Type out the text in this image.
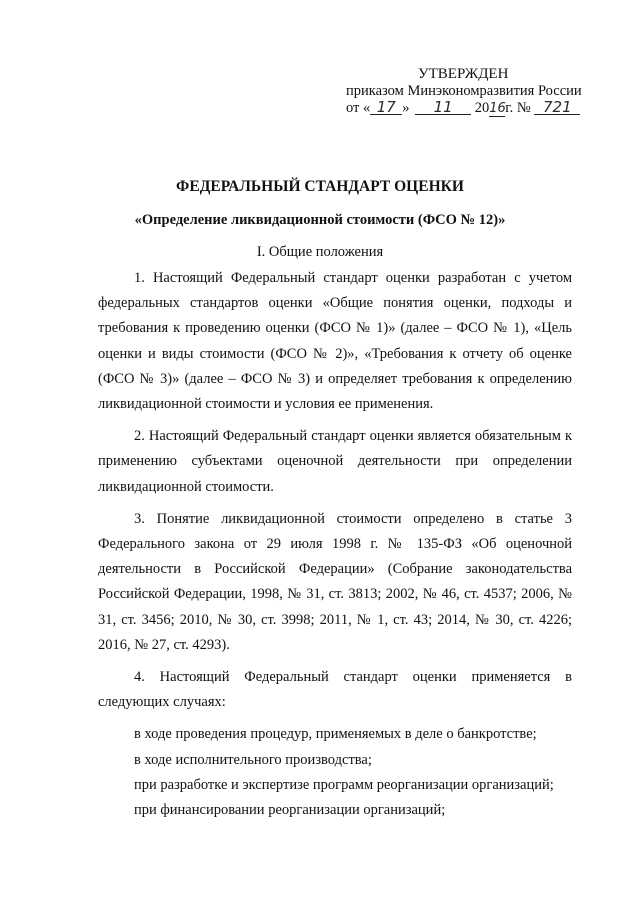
УТВЕРЖДЕН
приказом Минэкономразвития России
от « 17 » 11 2016г. № 721
ФЕДЕРАЛЬНЫЙ СТАНДАРТ ОЦЕНКИ
«Определение ликвидационной стоимости (ФСО № 12)»
I. Общие положения

1. Настоящий Федеральный стандарт оценки разработан с учетом федеральных стандартов оценки «Общие понятия оценки, подходы и требования к проведению оценки (ФСО № 1)» (далее – ФСО № 1), «Цель оценки и виды стоимости (ФСО № 2)», «Требования к отчету об оценке (ФСО № 3)» (далее – ФСО № 3) и определяет требования к определению ликвидационной стоимости и условия ее применения.

2. Настоящий Федеральный стандарт оценки является обязательным к применению субъектами оценочной деятельности при определении ликвидационной стоимости.

3. Понятие ликвидационной стоимости определено в статье 3 Федерального закона от 29 июля 1998 г. № 135-ФЗ «Об оценочной деятельности в Российской Федерации» (Собрание законодательства Российской Федерации, 1998, № 31, ст. 3813; 2002, № 46, ст. 4537; 2006, № 31, ст. 3456; 2010, № 30, ст. 3998; 2011, № 1, ст. 43; 2014, № 30, ст. 4226; 2016, № 27, ст. 4293).

4. Настоящий Федеральный стандарт оценки применяется в следующих случаях:

в ходе проведения процедур, применяемых в деле о банкротстве;
в ходе исполнительного производства;
при разработке и экспертизе программ реорганизации организаций;
при финансировании реорганизации организаций;
